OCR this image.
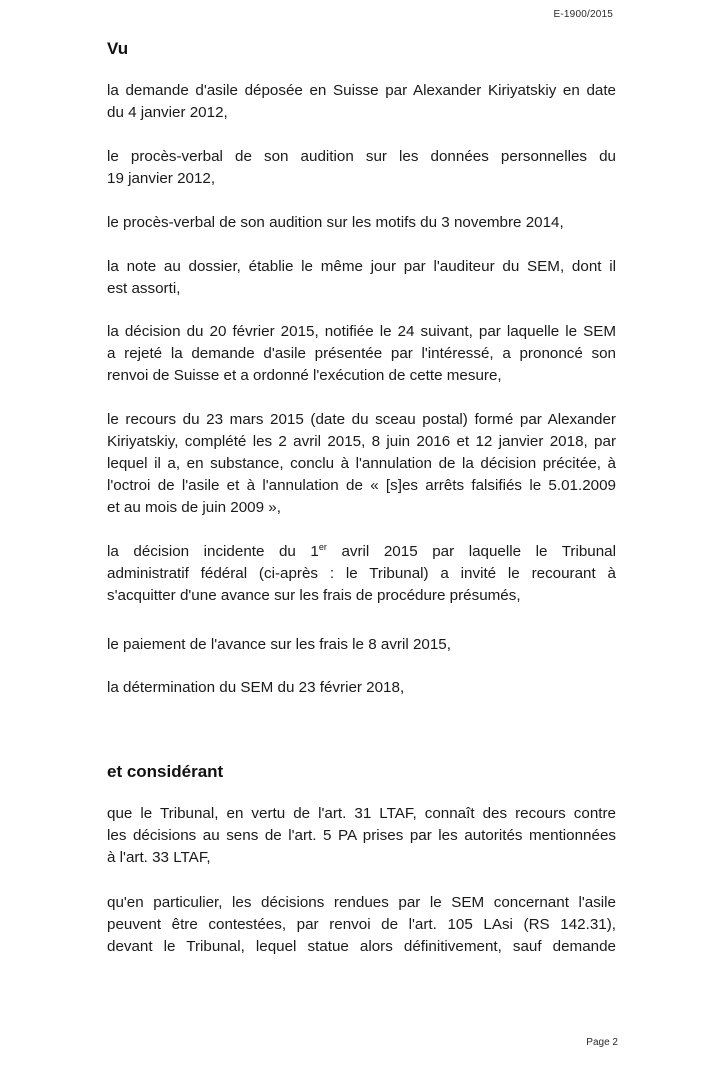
E-1900/2015
Vu

la demande d'asile déposée en Suisse par Alexander Kiriyatskiy en date
du 4 janvier 2012,

le procès-verbal de son audition sur les données personnelles du
19 janvier 2012,

le procès-verbal de son audition sur les motifs du 3 novembre 2014,

la note au dossier, établie le même jour par l'auditeur du SEM, dont il
est assorti,

la décision du 20 février 2015, notifiée le 24 suivant, par laquelle le SEM
a rejeté la demande d'asile présentée par l'intéressé, a prononcé son
renvoi de Suisse et a ordonné l'exécution de cette mesure,

le recours du 23 mars 2015 (date du sceau postal) formé par Alexander
Kiriyatskiy, complété les 2 avril 2015, 8 juin 2016 et 12 janvier 2018, par
lequel il a, en substance, conclu à l'annulation de la décision précitée, à
l'octroi de l'asile et à l'annulation de « [s]es arrêts falsifiés le 5.01.2009
et au mois de juin 2009 »,

la décision incidente du 1er avril 2015 par laquelle le Tribunal
administratif fédéral (ci-après : le Tribunal) a invité le recourant à
s'acquitter d'une avance sur les frais de procédure présumés,

le paiement de l'avance sur les frais le 8 avril 2015,

la détermination du SEM du 23 février 2018,

et considérant

que le Tribunal, en vertu de l'art. 31 LTAF, connaît des recours contre
les décisions au sens de l'art. 5 PA prises par les autorités mentionnées
à l'art. 33 LTAF,

qu'en particulier, les décisions rendues par le SEM concernant l'asile
peuvent être contestées, par renvoi de l'art. 105 LAsi (RS 142.31),
devant le Tribunal, lequel statue alors définitivement, sauf demande

Page 2
